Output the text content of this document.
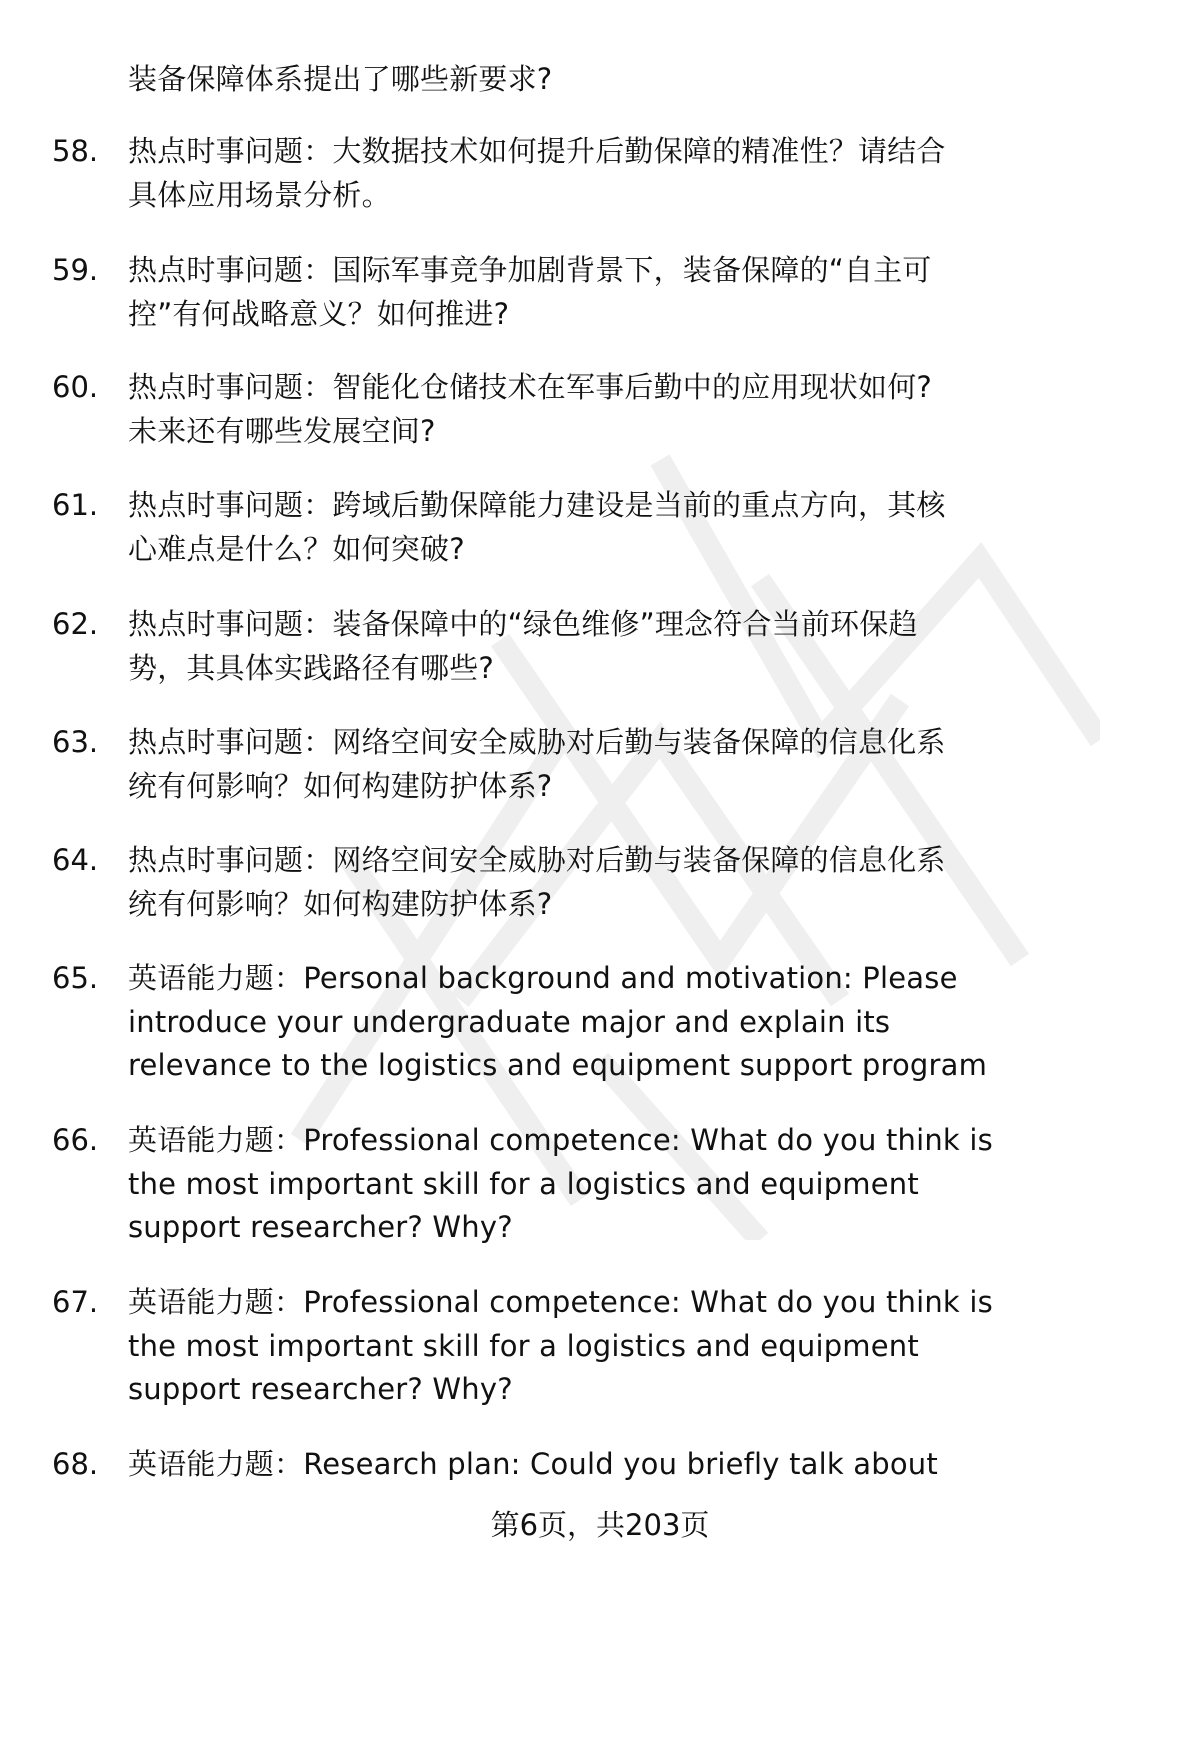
装备保障体系提出了哪些新要求?
58.	热点时事问题：大数据技术如何提升后勤保障的精准性？请结合
具体应用场景分析。
59.	热点时事问题：国际军事竞争加剧背景下，装备保障的“自主可
控”有何战略意义？如何推进?
60.	热点时事问题：智能化仓储技术在军事后勤中的应用现状如何?
未来还有哪些发展空间?
61.	热点时事问题：跨域后勤保障能力建设是当前的重点方向，其核
心难点是什么？如何突破?
62.	热点时事问题：装备保障中的“绿色维修”理念符合当前环保趋
势，其具体实践路径有哪些?
63.	热点时事问题：网络空间安全威胁对后勤与装备保障的信息化系
统有何影响？如何构建防护体系?
64.	热点时事问题：网络空间安全威胁对后勤与装备保障的信息化系
统有何影响？如何构建防护体系?
65.	英语能力题：Personal background and motivation: Please
introduce your undergraduate major and explain its
relevance to the logistics and equipment support program
66.	英语能力题：Professional competence: What do you think is
the most important skill for a logistics and equipment
support researcher? Why?
67.	英语能力题：Professional competence: What do you think is
the most important skill for a logistics and equipment
support researcher? Why?
68.	英语能力题：Research plan: Could you briefly talk about
第6页，共203页
